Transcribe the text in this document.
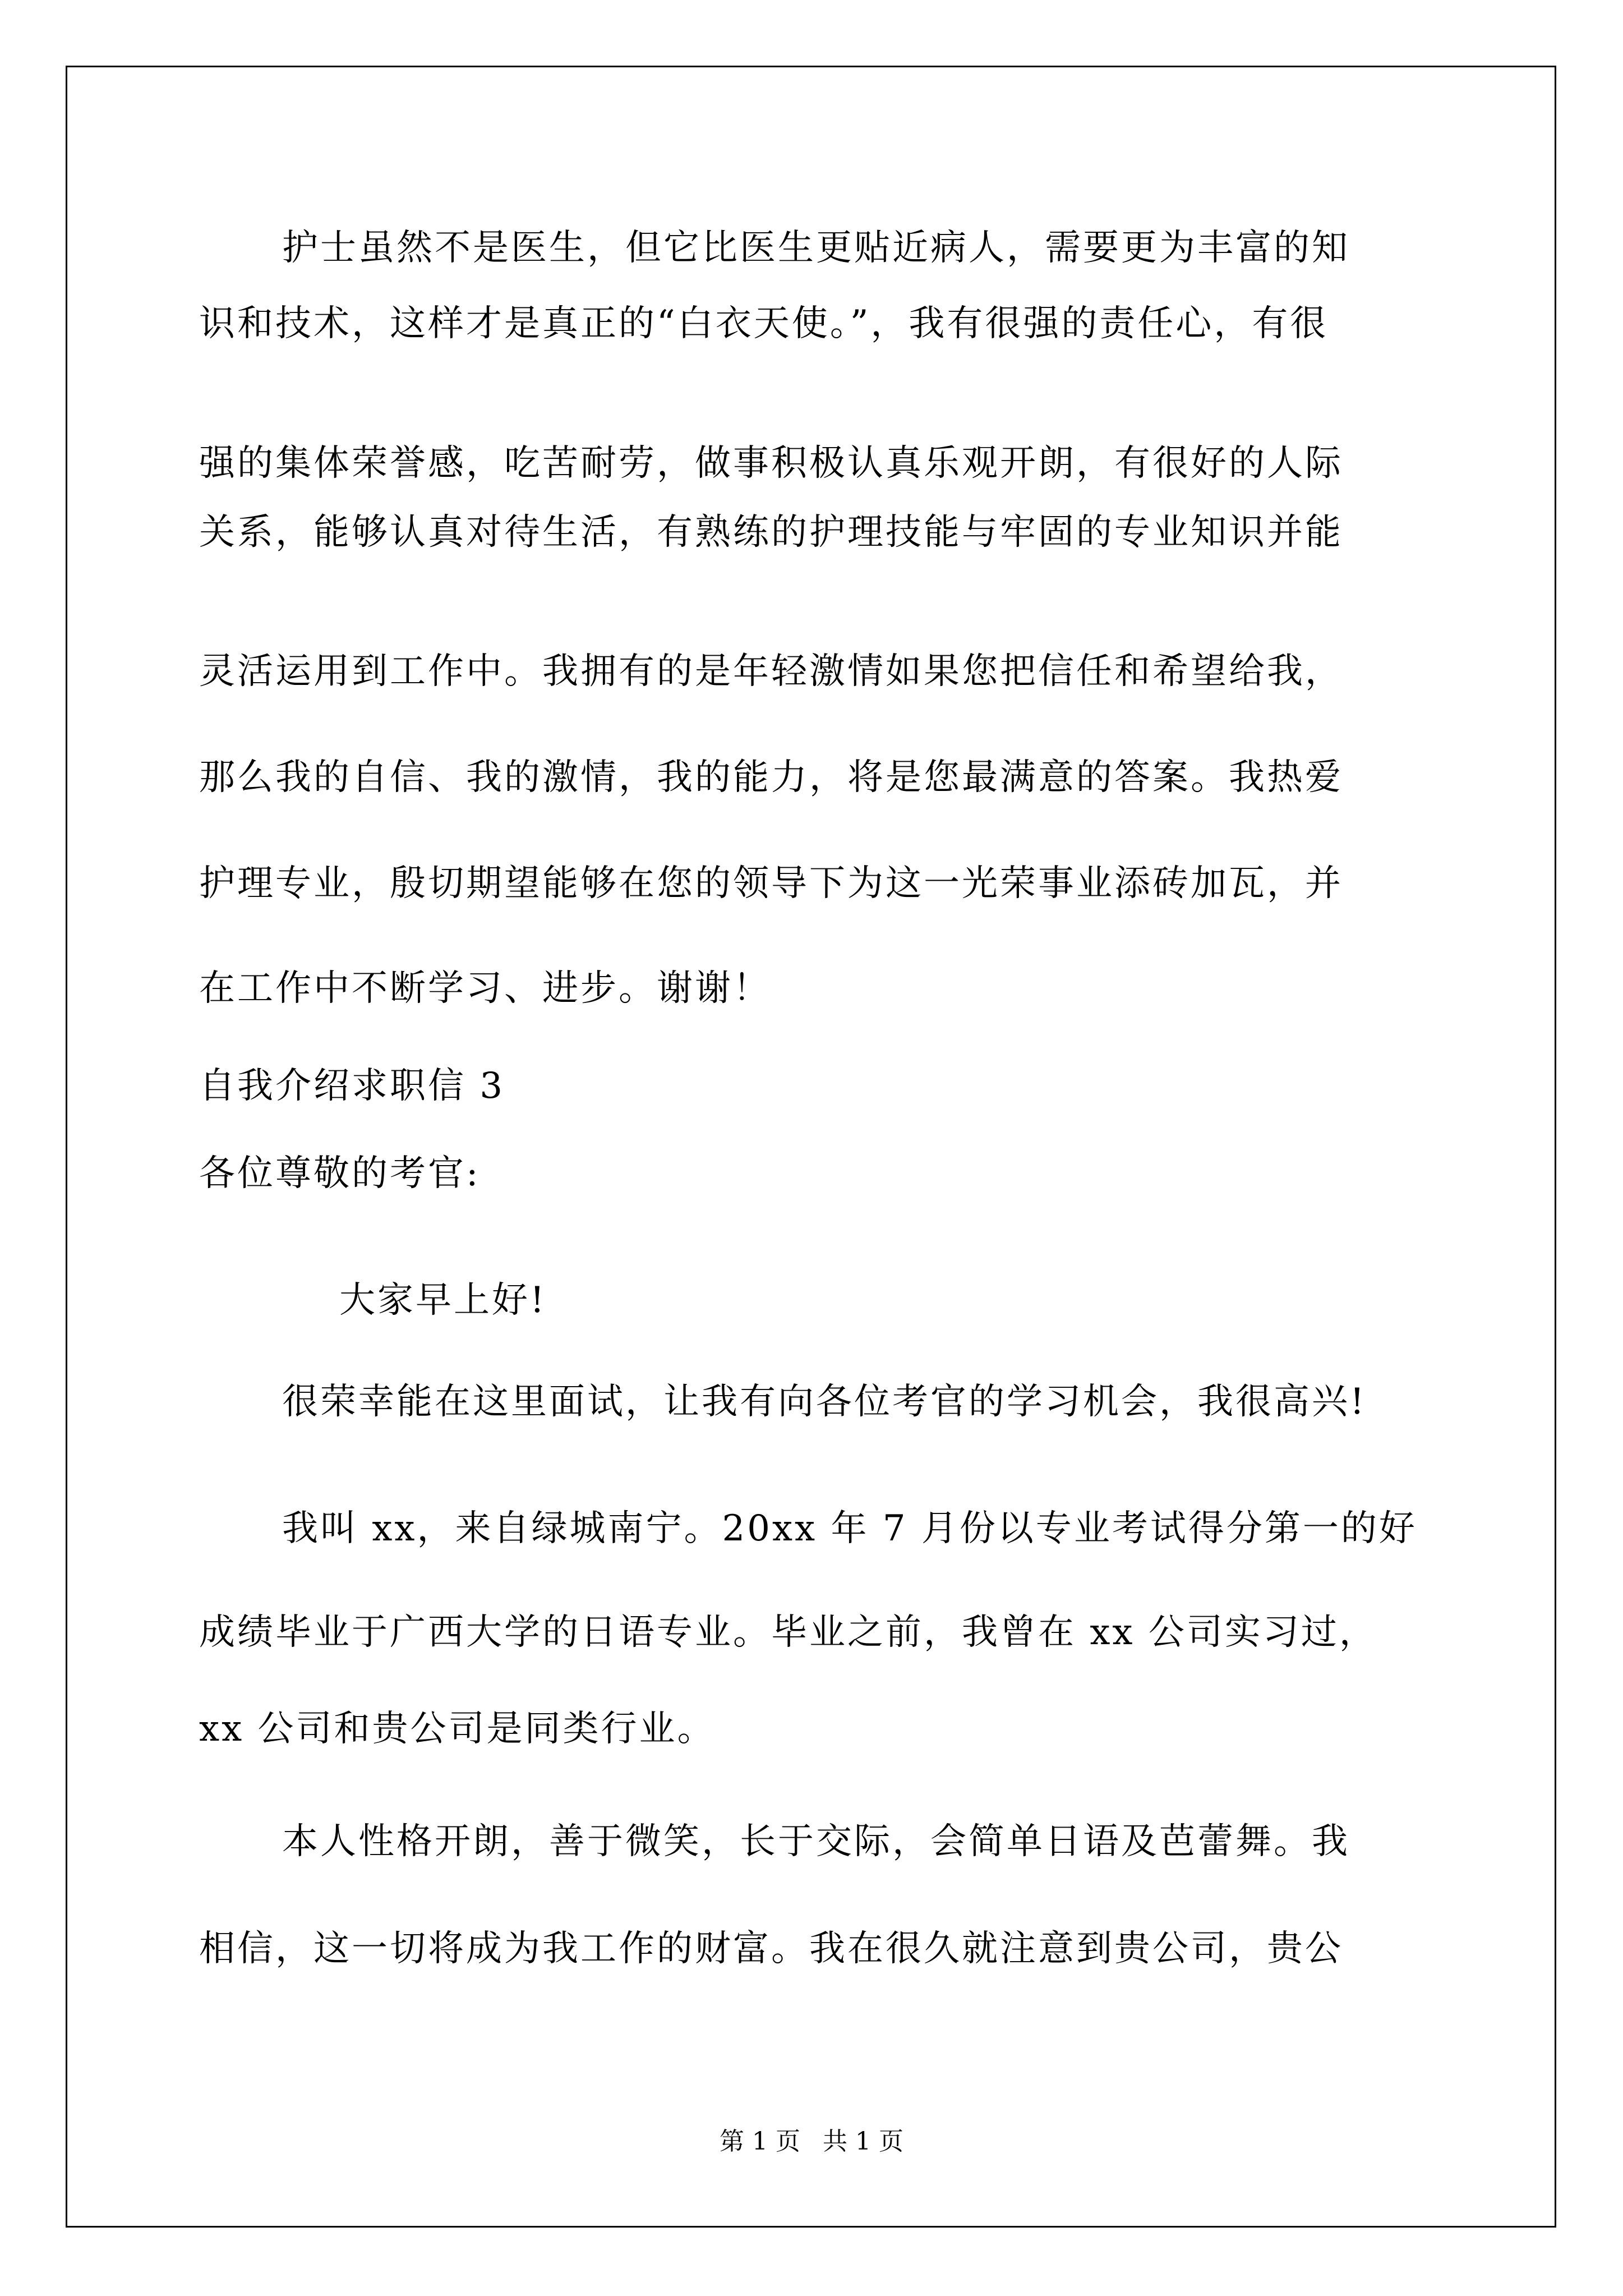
护士虽然不是医生，但它比医生更贴近病人，需要更为丰富的知
识和技术，这样才是真正的“白衣天使。”，我有很强的责任心，有很
强的集体荣誉感，吃苦耐劳，做事积极认真乐观开朗，有很好的人际
关系，能够认真对待生活，有熟练的护理技能与牢固的专业知识并能
灵活运用到工作中。我拥有的是年轻激情如果您把信任和希望给我，
那么我的自信、我的激情，我的能力，将是您最满意的答案。我热爱
护理专业，殷切期望能够在您的领导下为这一光荣事业添砖加瓦，并
在工作中不断学习、进步。谢谢！
自我介绍求职信 3
各位尊敬的考官:
大家早上好!
很荣幸能在这里面试，让我有向各位考官的学习机会，我很高兴!
我叫 xx，来自绿城南宁。20xx 年 7 月份以专业考试得分第一的好
成绩毕业于广西大学的日语专业。毕业之前，我曾在 xx 公司实习过，
xx 公司和贵公司是同类行业。
本人性格开朗，善于微笑，长于交际，会简单日语及芭蕾舞。我
相信，这一切将成为我工作的财富。我在很久就注意到贵公司，贵公
第 1 页 共 1 页
